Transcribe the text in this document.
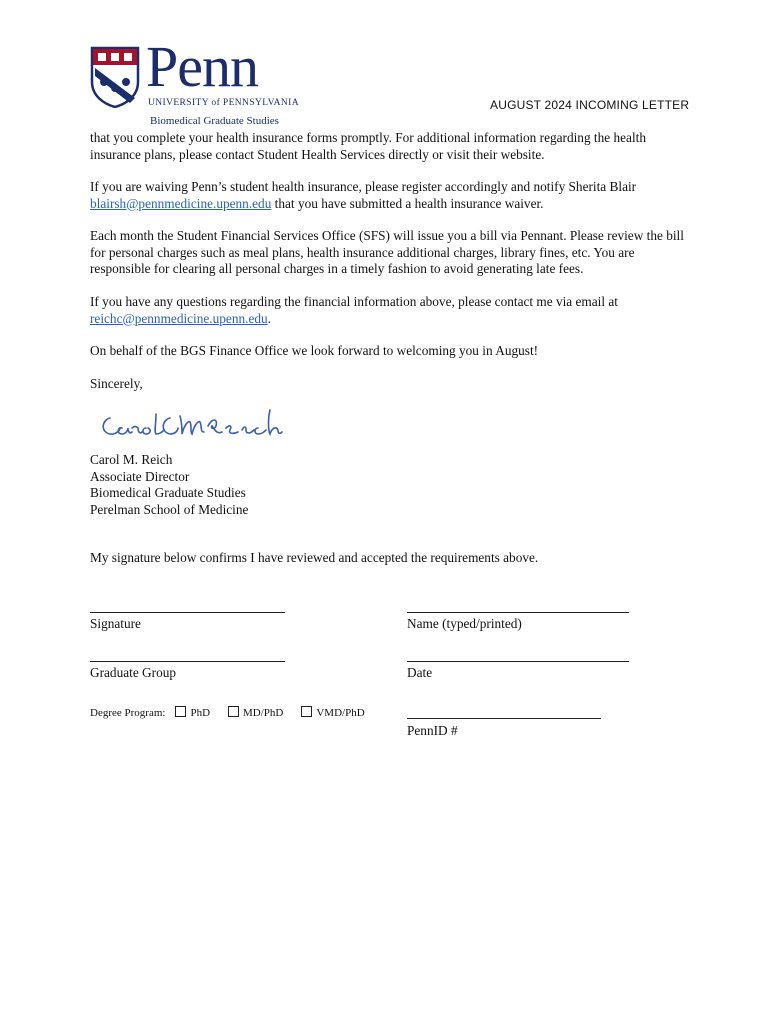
Penn
UNIVERSITY of PENNSYLVANIA
Biomedical Graduate Studies
AUGUST 2024 INCOMING LETTER

that you complete your health insurance forms promptly. For additional information regarding the health insurance plans, please contact Student Health Services directly or visit their website.

If you are waiving Penn’s student health insurance, please register accordingly and notify Sherita Blair blairsh@pennmedicine.upenn.edu that you have submitted a health insurance waiver.

Each month the Student Financial Services Office (SFS) will issue you a bill via Pennant. Please review the bill for personal charges such as meal plans, health insurance additional charges, library fines, etc. You are responsible for clearing all personal charges in a timely fashion to avoid generating late fees.

If you have any questions regarding the financial information above, please contact me via email at reichc@pennmedicine.upenn.edu.

On behalf of the BGS Finance Office we look forward to welcoming you in August!

Sincerely,

Carol M. Reich
Associate Director
Biomedical Graduate Studies
Perelman School of Medicine
My signature below confirms I have reviewed and accepted the requirements above.
Signature	Name (typed/printed)
Graduate Group	Date
Degree Program: PhD	MD/PhD	VMD/PhD
PennID #
